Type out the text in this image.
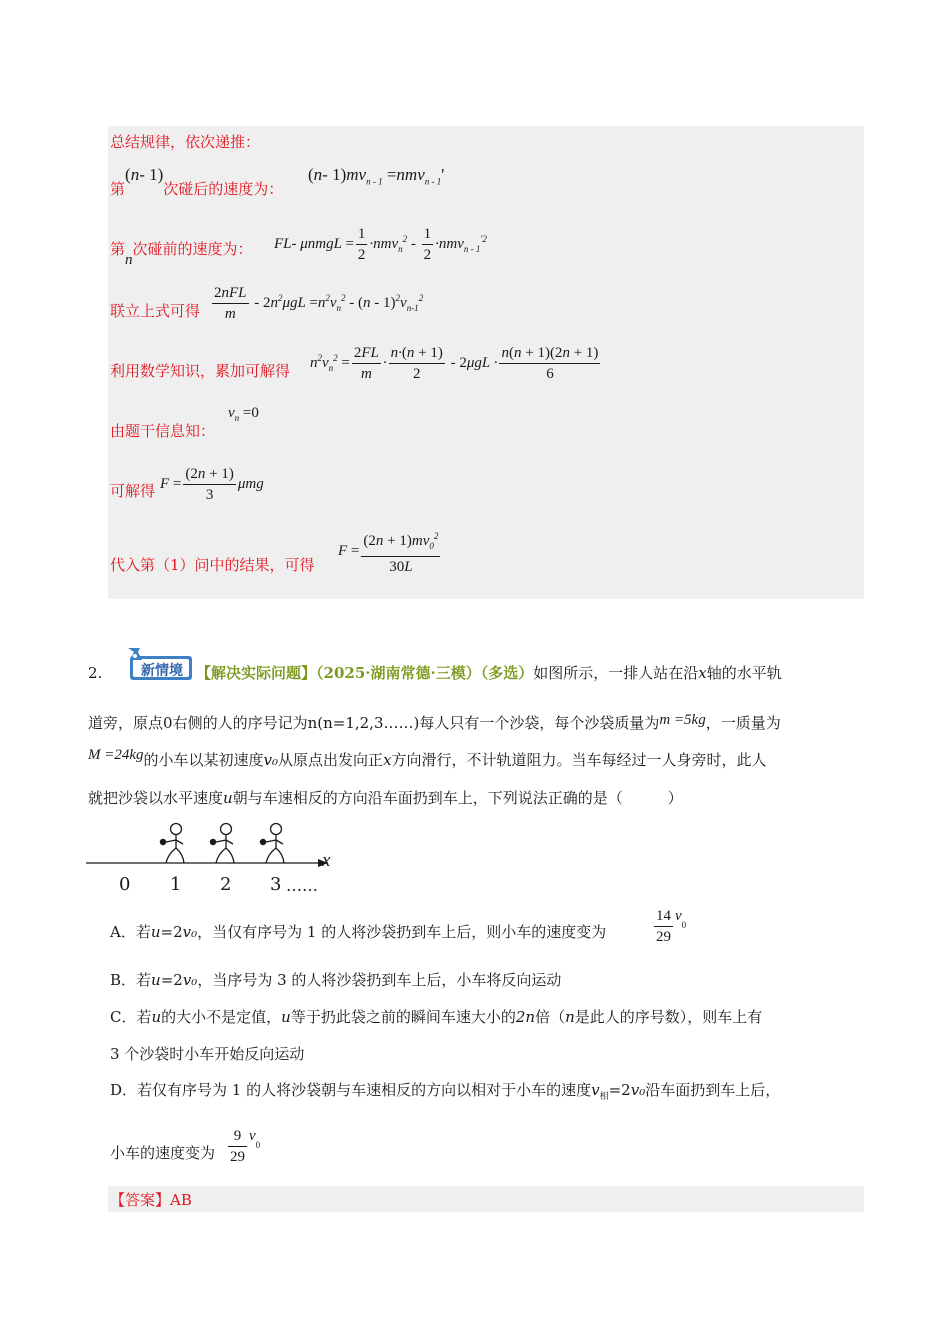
总结规律，依次递推：
第(n- 1)次碰后的速度为：
(n- $1)mv_{n - 1} =nmv_{n - 1}'$
第n次碰前的速度为： FL- μnmgL = $\frac{1}{2} \cdot nmv_n^2 - \frac{1}{2} \cdot nmv_{n - 1}^{'2}$
联立上式可得 $\frac{\text{2nFL}}{m} - 2n^2\mu gL =n^2v_n^2 - (n - 1)^2v_{n-1}^2$
利用数学知识，累加可解得 $n^2v_n^2 = \frac{2FL}{m} \cdot \frac{n\cdot(n + 1)}{2} - 2\mu gL \cdot \frac{n(n + 1)(2n + 1)}{6}$
$v_n =0$
由题干信息知：
可解得 $F = \frac{(2n + 1)}{3}$ μmg
代入第（1）问中的结果，可得
$F = \frac{(2n + 1)mv_0^2}{30L}$
2.	新情境 【解决实际问题】（2025·湖南常德·三模）（多选）如图所示，一排人站在沿x轴的水平轨
道旁，原点0右侧的人的序号记为n(n=1,2,3……)每人只有一个沙袋，每个沙袋质量为m =5kg，一质量为
M =24kg的小车以某初速度v₀从原点出发向正x方向滑行，不计轨道阻力。当车每经过一人身旁时，此人
就把沙袋以水平速度u朝与车速相反的方向沿车面扔到车上，下列说法正确的是（　　　）
x
0 1 2 3 ……
A．若u=2v₀，当仅有序号为 1 的人将沙袋扔到车上后，则小车的速度变为	$\frac{14}{29} v_0$
B．若u=2v₀，当序号为 3 的人将沙袋扔到车上后，小车将反向运动
C．若u的大小不是定值，u等于扔此袋之前的瞬间车速大小的2n倍（n是此人的序号数），则车上有
3 个沙袋时小车开始反向运动
D．若仅有序号为 1 的人将沙袋朝与车速相反的方向以相对于小车的速度$v_相=2v_0$沿车面扔到车上后，
小车的速度变为 $\frac{9}{29} v_0$
【答案】AB
